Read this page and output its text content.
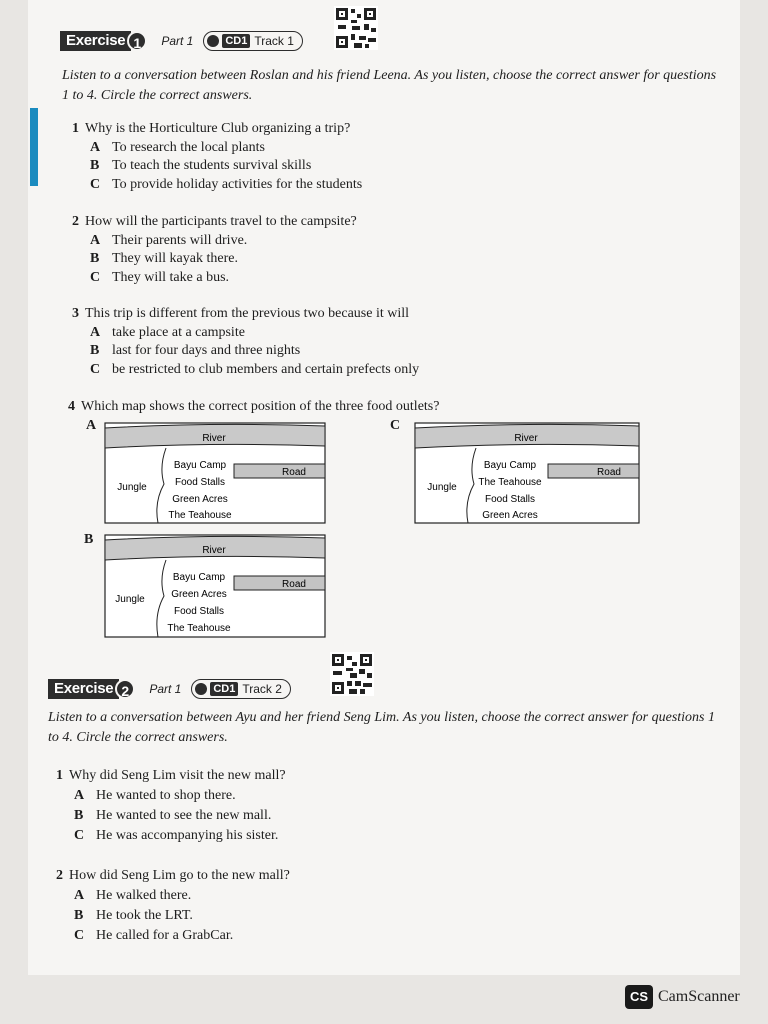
Exercise 1	Part 1	CD1 Track 1
Listen to a conversation between Roslan and his friend Leena. As you listen, choose the correct answer for questions 1 to 4. Circle the correct answers.
1 Why is the Horticulture Club organizing a trip?
A To research the local plants
B To teach the students survival skills
C To provide holiday activities for the students
2 How will the participants travel to the campsite?
A Their parents will drive.
B They will kayak there.
C They will take a bus.
3 This trip is different from the previous two because it will
A take place at a campsite
B last for four days and three nights
C be restricted to club members and certain prefects only
4 Which map shows the correct position of the three food outlets?
A
River
Road
Jungle
Bayu Camp
Food Stalls
Green Acres
The Teahouse
C
River
Road
Jungle
Bayu Camp
The Teahouse
Food Stalls
Green Acres
B
River
Road
Jungle
Bayu Camp
Green Acres
Food Stalls
The Teahouse
Exercise 2	Part 1	CD1 Track 2
Listen to a conversation between Ayu and her friend Seng Lim. As you listen, choose the correct answer for questions 1 to 4. Circle the correct answers.
1 Why did Seng Lim visit the new mall?
A He wanted to shop there.
B He wanted to see the new mall.
C He was accompanying his sister.
2 How did Seng Lim go to the new mall?
A He walked there.
B He took the LRT.
C He called for a GrabCar.
CS CamScanner
